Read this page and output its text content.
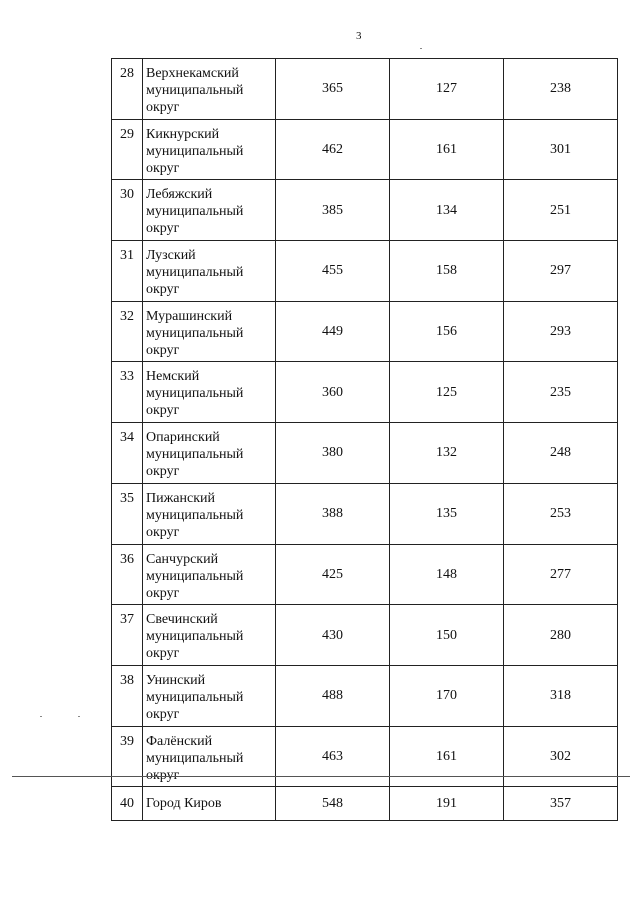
3
28	Верхнекамский
муниципальный
округ	365	127	238
29	Кикнурский
муниципальный
округ	462	161	301
30	Лебяжский
муниципальный
округ	385	134	251
31	Лузский
муниципальный
округ	455	158	297
32	Мурашинский
муниципальный
округ	449	156	293
33	Немский
муниципальный
округ	360	125	235
34	Опаринский
муниципальный
округ	380	132	248
35	Пижанский
муниципальный
округ	388	135	253
36	Санчурский
муниципальный
округ	425	148	277
37	Свечинский
муниципальный
округ	430	150	280
38	Унинский
муниципальный
округ	488	170	318
39	Фалёнский
муниципальный	463	161	302
40	Город Киров	548	191	357
